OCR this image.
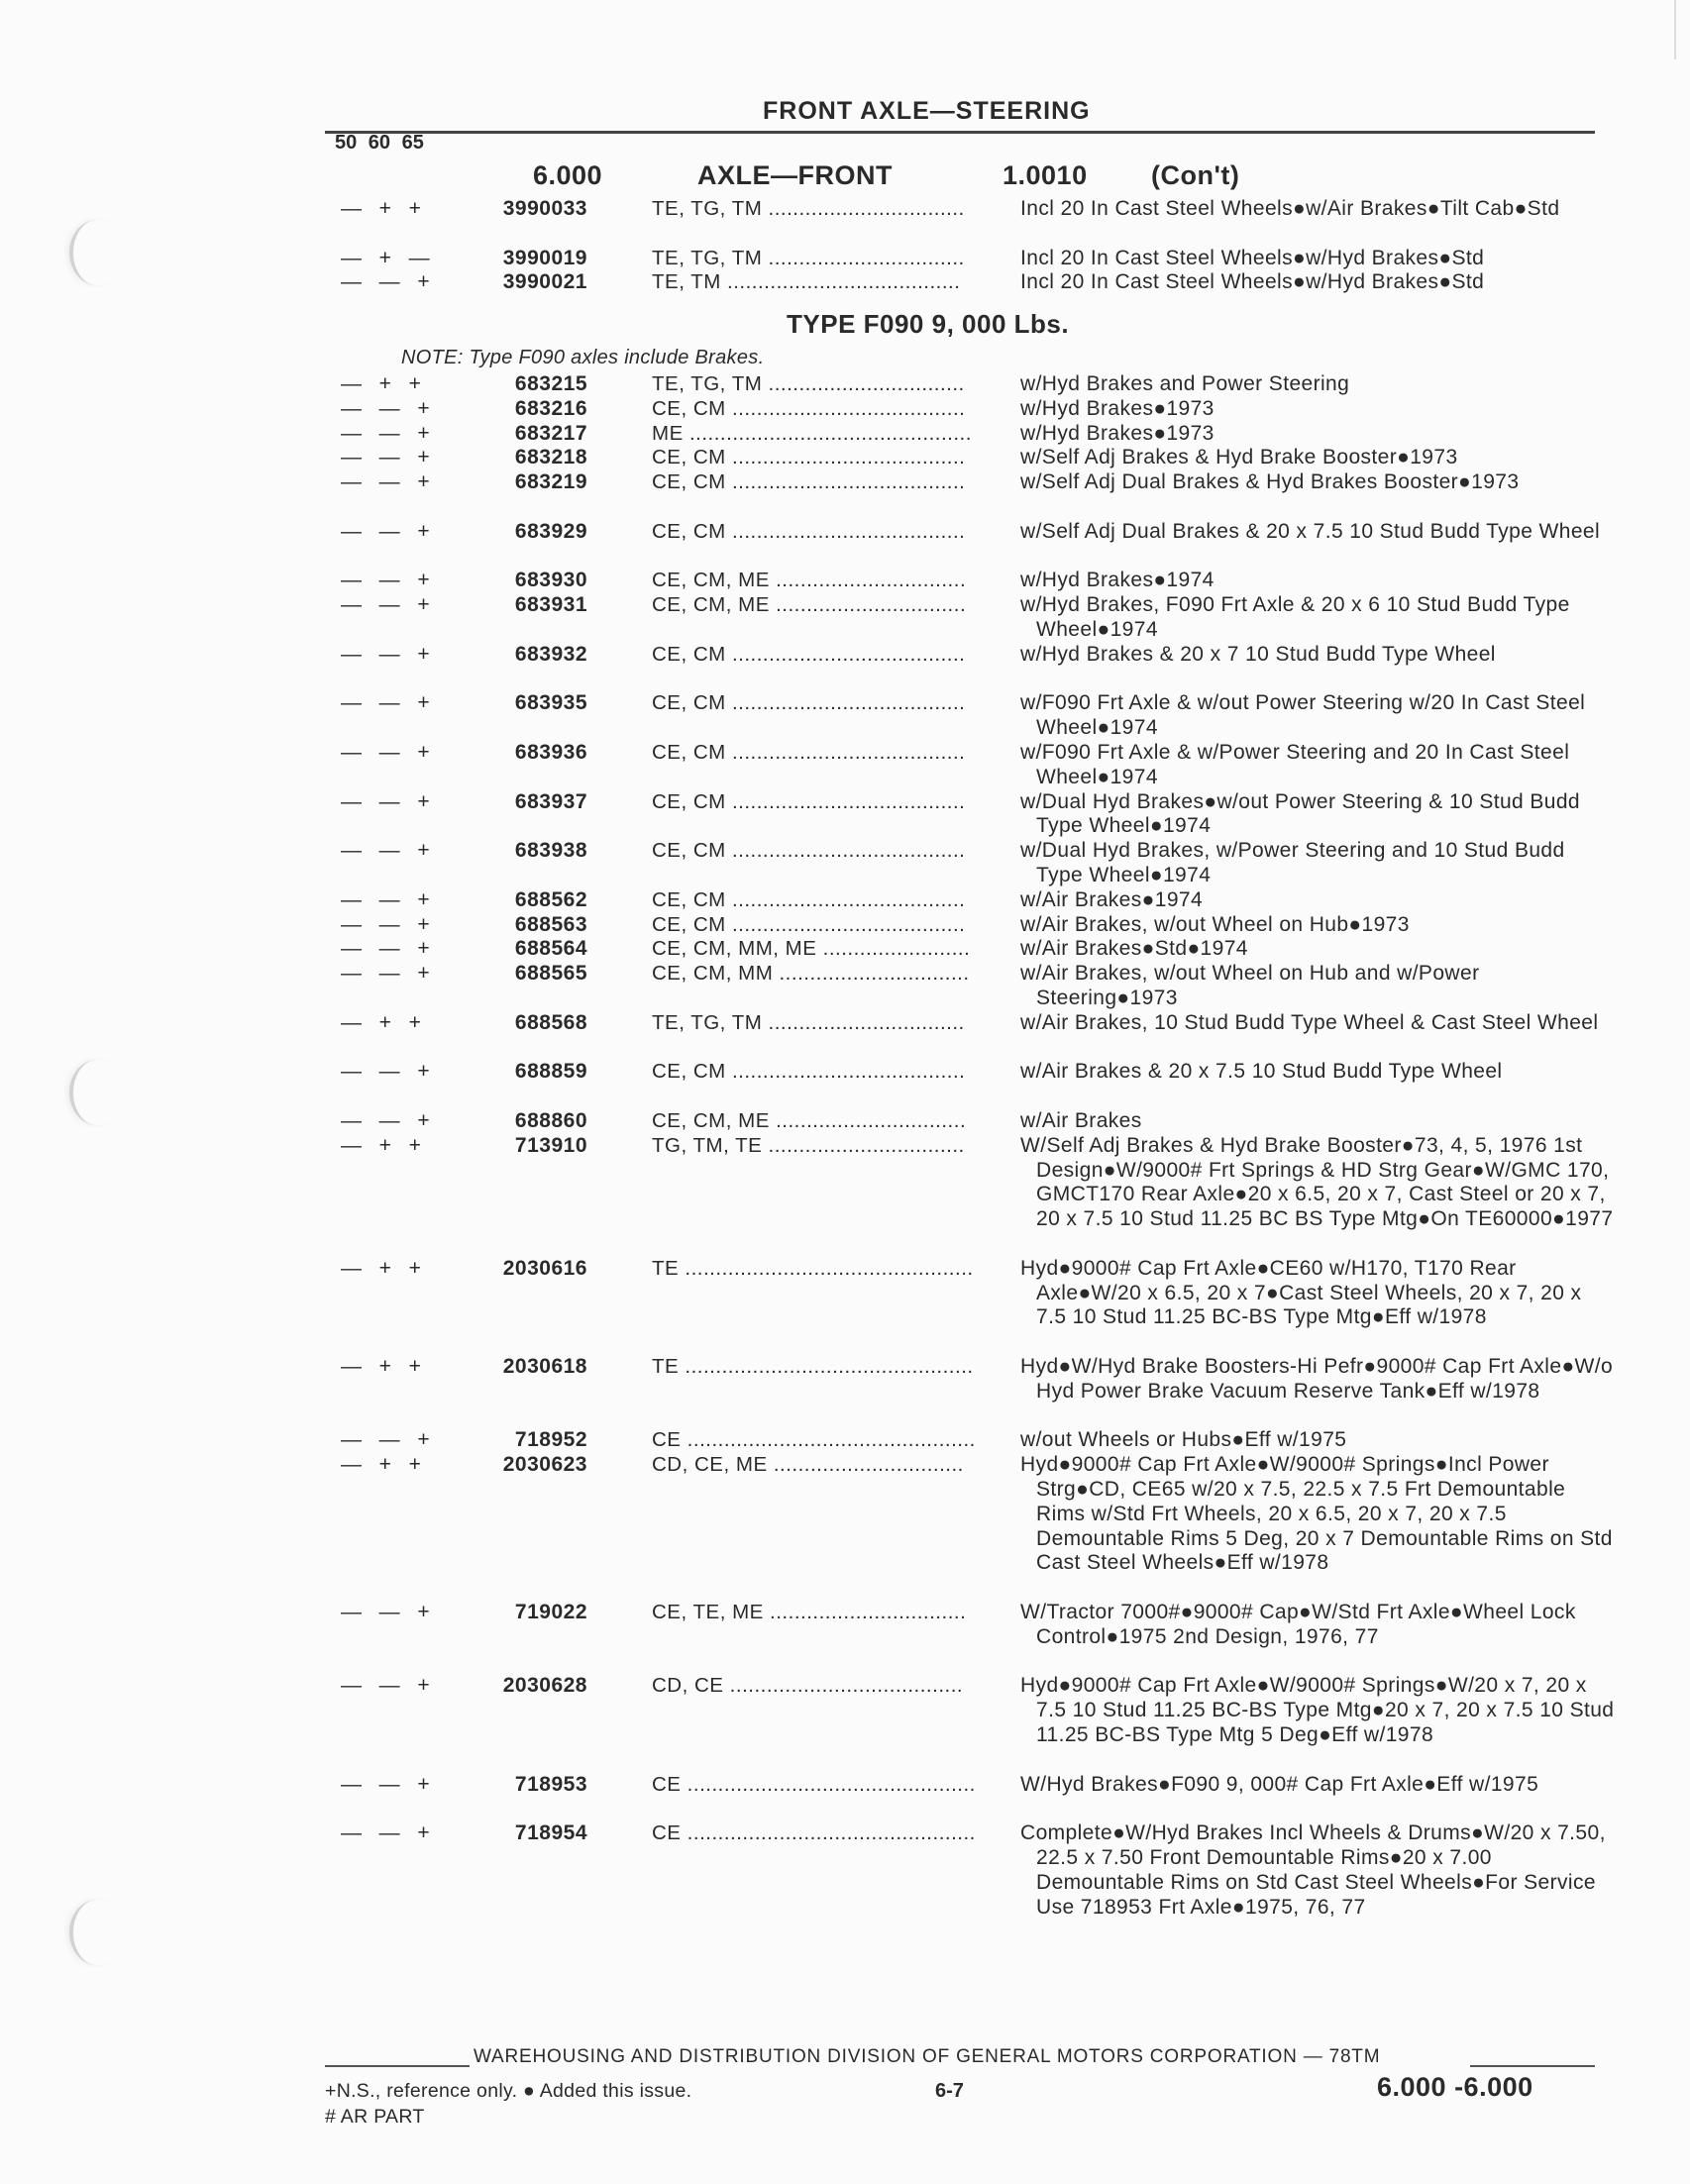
FRONT AXLE—STEERING
50 60 65
6.000	AXLE—FRONT	1.0010 (Con't)
—  +  +	3990033	TE, TG, TM ................................	Incl 20 In Cast Steel Wheels●w/Air Brakes●Tilt Cab●Std
—  +  —	3990019	TE, TG, TM ................................	Incl 20 In Cast Steel Wheels●w/Hyd Brakes●Std
—  —  +	3990021	TE, TM ......................................	Incl 20 In Cast Steel Wheels●w/Hyd Brakes●Std
TYPE F090 9, 000 Lbs.
NOTE: Type F090 axles include Brakes.
—  +  +	683215	TE, TG, TM ................................	w/Hyd Brakes and Power Steering
—  —  +	683216	CE, CM ......................................	w/Hyd Brakes●1973
—  —  +	683217	ME ..............................................	w/Hyd Brakes●1973
—  —  +	683218	CE, CM ......................................	w/Self Adj Brakes & Hyd Brake Booster●1973
—  —  +	683219	CE, CM ......................................	w/Self Adj Dual Brakes & Hyd Brakes Booster●1973
—  —  +	683929	CE, CM ......................................	w/Self Adj Dual Brakes & 20 x 7.5 10 Stud Budd Type Wheel
—  —  +	683930	CE, CM, ME ...............................	w/Hyd Brakes●1974
—  —  +	683931	CE, CM, ME ...............................	w/Hyd Brakes, F090 Frt Axle & 20 x 6 10 Stud Budd Type Wheel●1974
—  —  +	683932	CE, CM ......................................	w/Hyd Brakes & 20 x 7 10 Stud Budd Type Wheel
—  —  +	683935	CE, CM ......................................	w/F090 Frt Axle & w/out Power Steering w/20 In Cast Steel Wheel●1974
—  —  +	683936	CE, CM ......................................	w/F090 Frt Axle & w/Power Steering and 20 In Cast Steel Wheel●1974
—  —  +	683937	CE, CM ......................................	w/Dual Hyd Brakes●w/out Power Steering & 10 Stud Budd Type Wheel●1974
—  —  +	683938	CE, CM ......................................	w/Dual Hyd Brakes, w/Power Steering and 10 Stud Budd Type Wheel●1974
—  —  +	688562	CE, CM ......................................	w/Air Brakes●1974
—  —  +	688563	CE, CM ......................................	w/Air Brakes, w/out Wheel on Hub●1973
—  —  +	688564	CE, CM, MM, ME ........................	w/Air Brakes●Std●1974
—  —  +	688565	CE, CM, MM ...............................	w/Air Brakes, w/out Wheel on Hub and w/Power Steering●1973
—  +  +	688568	TE, TG, TM ................................	w/Air Brakes, 10 Stud Budd Type Wheel & Cast Steel Wheel
—  —  +	688859	CE, CM ......................................	w/Air Brakes & 20 x 7.5 10 Stud Budd Type Wheel
—  —  +	688860	CE, CM, ME ...............................	w/Air Brakes
—  +  +	713910	TG, TM, TE ................................	W/Self Adj Brakes & Hyd Brake Booster●73, 4, 5, 1976 1st Design●W/9000# Frt Springs & HD Strg Gear●W/GMC 170, GMCT170 Rear Axle●20 x 6.5, 20 x 7, Cast Steel or 20 x 7, 20 x 7.5 10 Stud 11.25 BC BS Type Mtg●On TE60000●1977
—  +  +	2030616	TE ...............................................	Hyd●9000# Cap Frt Axle●CE60 w/H170, T170 Rear Axle●W/20 x 6.5, 20 x 7●Cast Steel Wheels, 20 x 7, 20 x 7.5 10 Stud 11.25 BC-BS Type Mtg●Eff w/1978
—  +  +	2030618	TE ...............................................	Hyd●W/Hyd Brake Boosters-Hi Pefr●9000# Cap Frt Axle●W/o Hyd Power Brake Vacuum Reserve Tank●Eff w/1978
—  —  +	718952	CE ...............................................	w/out Wheels or Hubs●Eff w/1975
—  +  +	2030623	CD, CE, ME ...............................	Hyd●9000# Cap Frt Axle●W/9000# Springs●Incl Power Strg●CD, CE65 w/20 x 7.5, 22.5 x 7.5 Frt Demountable Rims w/Std Frt Wheels, 20 x 6.5, 20 x 7, 20 x 7.5 Demountable Rims 5 Deg, 20 x 7 Demountable Rims on Std Cast Steel Wheels●Eff w/1978
—  —  +	719022	CE, TE, ME ................................	W/Tractor 7000#●9000# Cap●W/Std Frt Axle●Wheel Lock Control●1975 2nd Design, 1976, 77
—  —  +	2030628	CD, CE ......................................	Hyd●9000# Cap Frt Axle●W/9000# Springs●W/20 x 7, 20 x 7.5 10 Stud 11.25 BC-BS Type Mtg●20 x 7, 20 x 7.5 10 Stud 11.25 BC-BS Type Mtg 5 Deg●Eff w/1978
—  —  +	718953	CE ...............................................	W/Hyd Brakes●F090 9, 000# Cap Frt Axle●Eff w/1975
—  —  +	718954	CE ...............................................	Complete●W/Hyd Brakes Incl Wheels & Drums●W/20 x 7.50, 22.5 x 7.50 Front Demountable Rims●20 x 7.00 Demountable Rims on Std Cast Steel Wheels●For Service Use 718953 Frt Axle●1975, 76, 77
WAREHOUSING AND DISTRIBUTION DIVISION OF GENERAL MOTORS CORPORATION — 78TM
+N.S., reference only. ● Added this issue.
# AR PART
6-7	6.000 -6.000
